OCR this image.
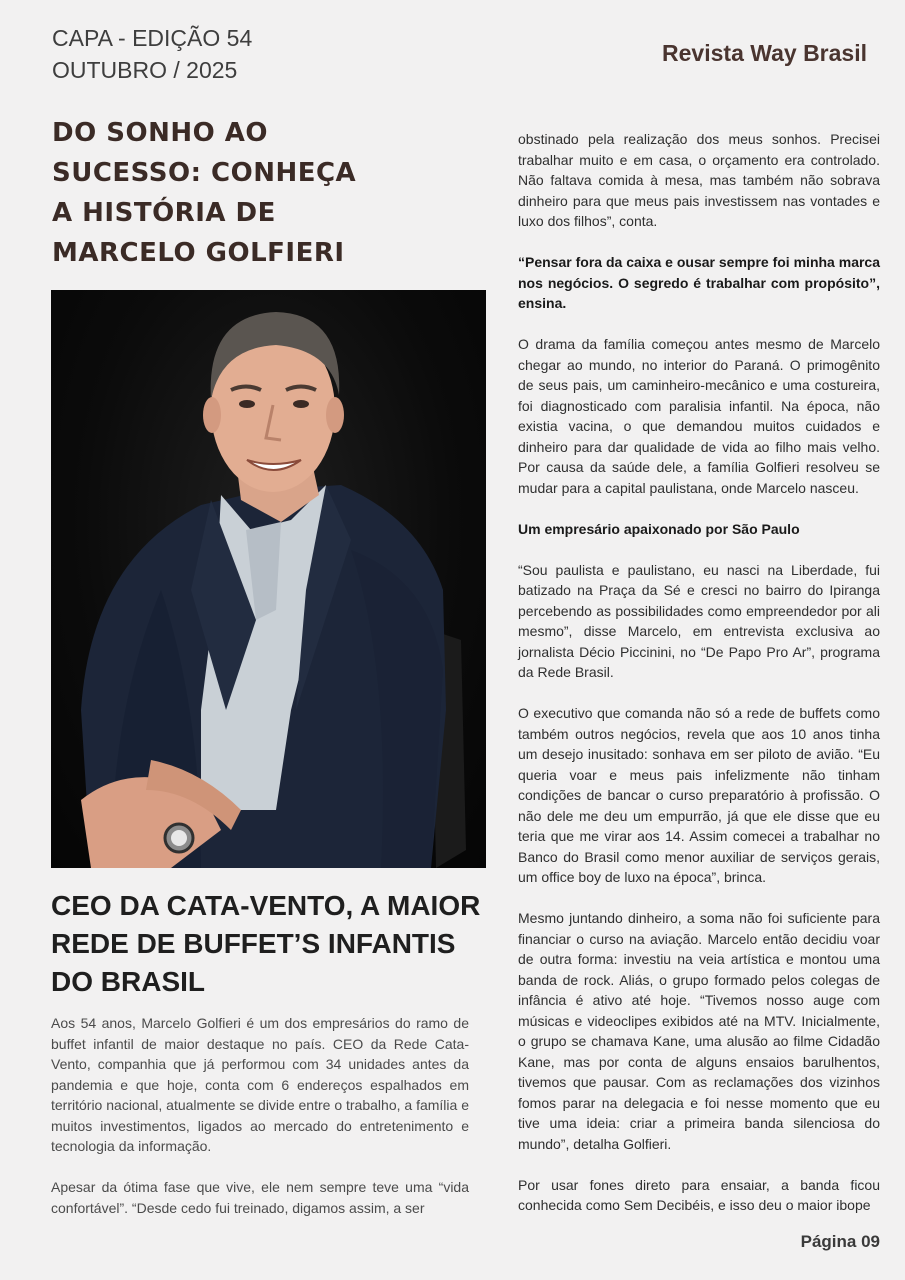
CAPA - EDIÇÃO 54
OUTUBRO / 2025
Revista Way Brasil
DO SONHO AO
SUCESSO: CONHEÇA
A HISTÓRIA DE
MARCELO GOLFIERI
CEO DA CATA-VENTO, A MAIOR
REDE DE BUFFET’S INFANTIS
DO BRASIL

Aos 54 anos, Marcelo Golfieri é um dos empresários do ramo de buffet infantil de maior destaque no país. CEO da Rede Cata-Vento, companhia que já performou com 34 unidades antes da pandemia e que hoje, conta com 6 endereços espalhados em território nacional, atualmente se divide entre o trabalho, a família e muitos investimentos, ligados ao mercado do entretenimento e tecnologia da informação.

Apesar da ótima fase que vive, ele nem sempre teve uma “vida confortável”. “Desde cedo fui treinado, digamos assim, a ser

obstinado pela realização dos meus sonhos. Precisei trabalhar muito e em casa, o orçamento era controlado. Não faltava comida à mesa, mas também não sobrava dinheiro para que meus pais investissem nas vontades e luxo dos filhos”, conta.

“Pensar fora da caixa e ousar sempre foi minha marca nos negócios. O segredo é trabalhar com propósito”, ensina.

O drama da família começou antes mesmo de Marcelo chegar ao mundo, no interior do Paraná. O primogênito de seus pais, um caminheiro-mecânico e uma costureira, foi diagnosticado com paralisia infantil. Na época, não existia vacina, o que demandou muitos cuidados e dinheiro para dar qualidade de vida ao filho mais velho. Por causa da saúde dele, a família Golfieri resolveu se mudar para a capital paulistana, onde Marcelo nasceu.

Um empresário apaixonado por São Paulo

“Sou paulista e paulistano, eu nasci na Liberdade, fui batizado na Praça da Sé e cresci no bairro do Ipiranga percebendo as possibilidades como empreendedor por ali mesmo”, disse Marcelo, em entrevista exclusiva ao jornalista Décio Piccinini, no “De Papo Pro Ar”, programa da Rede Brasil.

O executivo que comanda não só a rede de buffets como também outros negócios, revela que aos 10 anos tinha um desejo inusitado: sonhava em ser piloto de avião. “Eu queria voar e meus pais infelizmente não tinham condições de bancar o curso preparatório à profissão. O não dele me deu um empurrão, já que ele disse que eu teria que me virar aos 14. Assim comecei a trabalhar no Banco do Brasil como menor auxiliar de serviços gerais, um office boy de luxo na época”, brinca.

Mesmo juntando dinheiro, a soma não foi suficiente para financiar o curso na aviação. Marcelo então decidiu voar de outra forma: investiu na veia artística e montou uma banda de rock. Aliás, o grupo formado pelos colegas de infância é ativo até hoje. “Tivemos nosso auge com músicas e videoclipes exibidos até na MTV. Inicialmente, o grupo se chamava Kane, uma alusão ao filme Cidadão Kane, mas por conta de alguns ensaios barulhentos, tivemos que pausar. Com as reclamações dos vizinhos fomos parar na delegacia e foi nesse momento que eu tive uma ideia: criar a primeira banda silenciosa do mundo”, detalha Golfieri.

Por usar fones direto para ensaiar, a banda ficou conhecida como Sem Decibéis, e isso deu o maior ibope

Página 09
